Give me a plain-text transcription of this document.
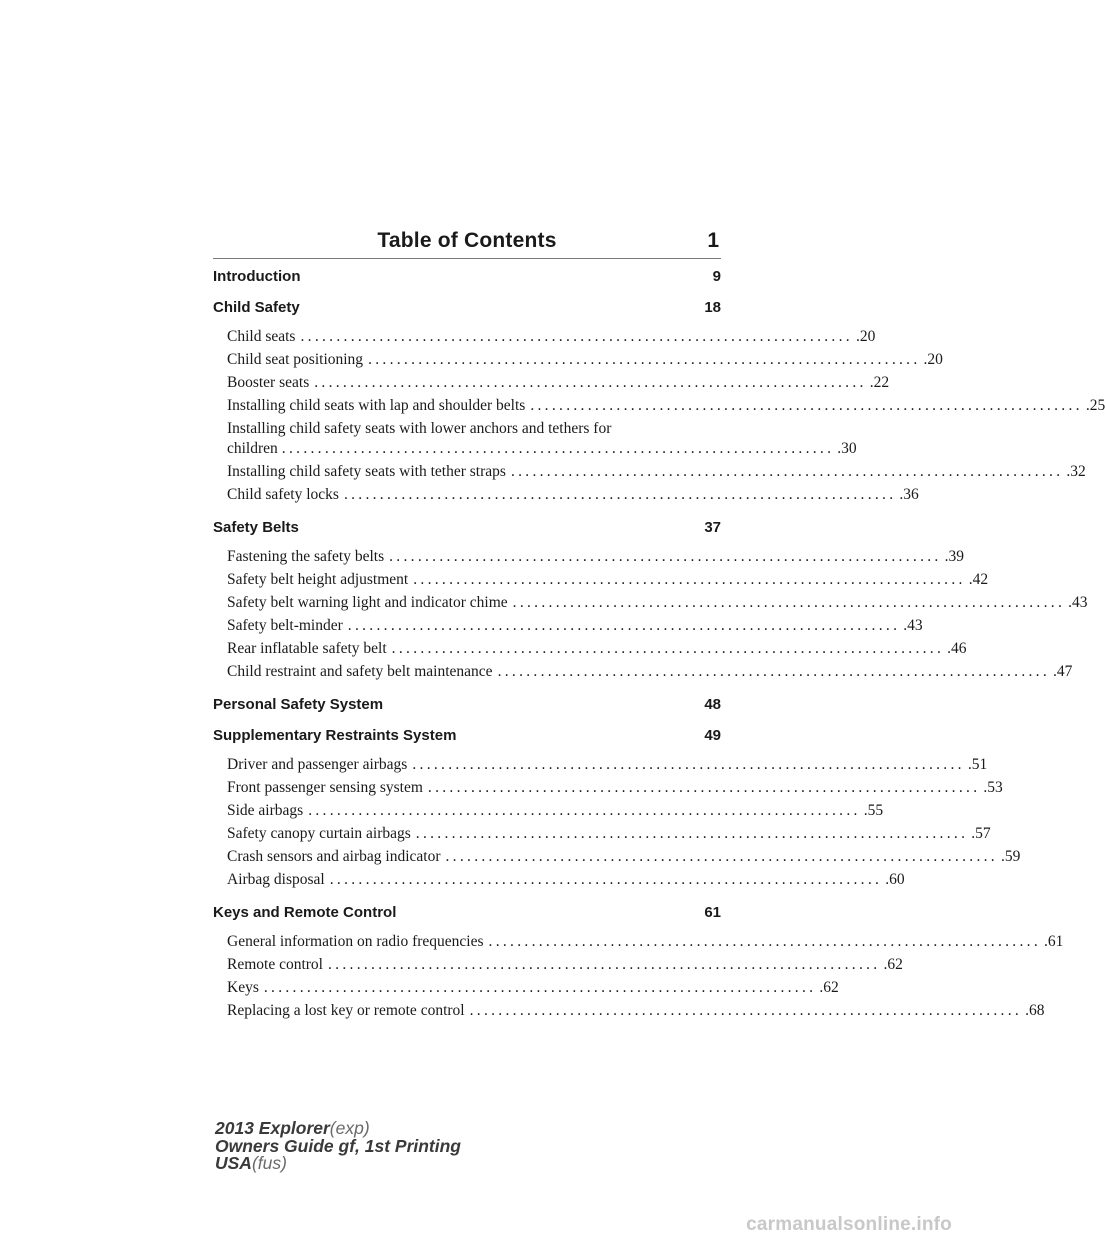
Table of Contents	1
Introduction	9
Child Safety	18
Child seats ............................................................................. .20
Child seat positioning ............................................................................. .20
Booster seats ............................................................................. .22
Installing child seats with lap and shoulder belts ............................................................................. .25
Installing child safety seats with lower anchors and tethers for
children ............................................................................. .30
Installing child safety seats with tether straps ............................................................................. .32
Child safety locks ............................................................................. .36
Safety Belts	37
Fastening the safety belts ............................................................................. .39
Safety belt height adjustment ............................................................................. .42
Safety belt warning light and indicator chime ............................................................................. .43
Safety belt-minder ............................................................................. .43
Rear inflatable safety belt ............................................................................. .46
Child restraint and safety belt maintenance ............................................................................. .47
Personal Safety System	48
Supplementary Restraints System	49
Driver and passenger airbags ............................................................................. .51
Front passenger sensing system ............................................................................. .53
Side airbags ............................................................................. .55
Safety canopy curtain airbags ............................................................................. .57
Crash sensors and airbag indicator ............................................................................. .59
Airbag disposal ............................................................................. .60
Keys and Remote Control	61
General information on radio frequencies ............................................................................. .61
Remote control ............................................................................. .62
Keys ............................................................................. .62
Replacing a lost key or remote control ............................................................................. .68
2013 Explorer(exp)
Owners Guide gf, 1st Printing
USA(fus)
carmanualsonline.info
